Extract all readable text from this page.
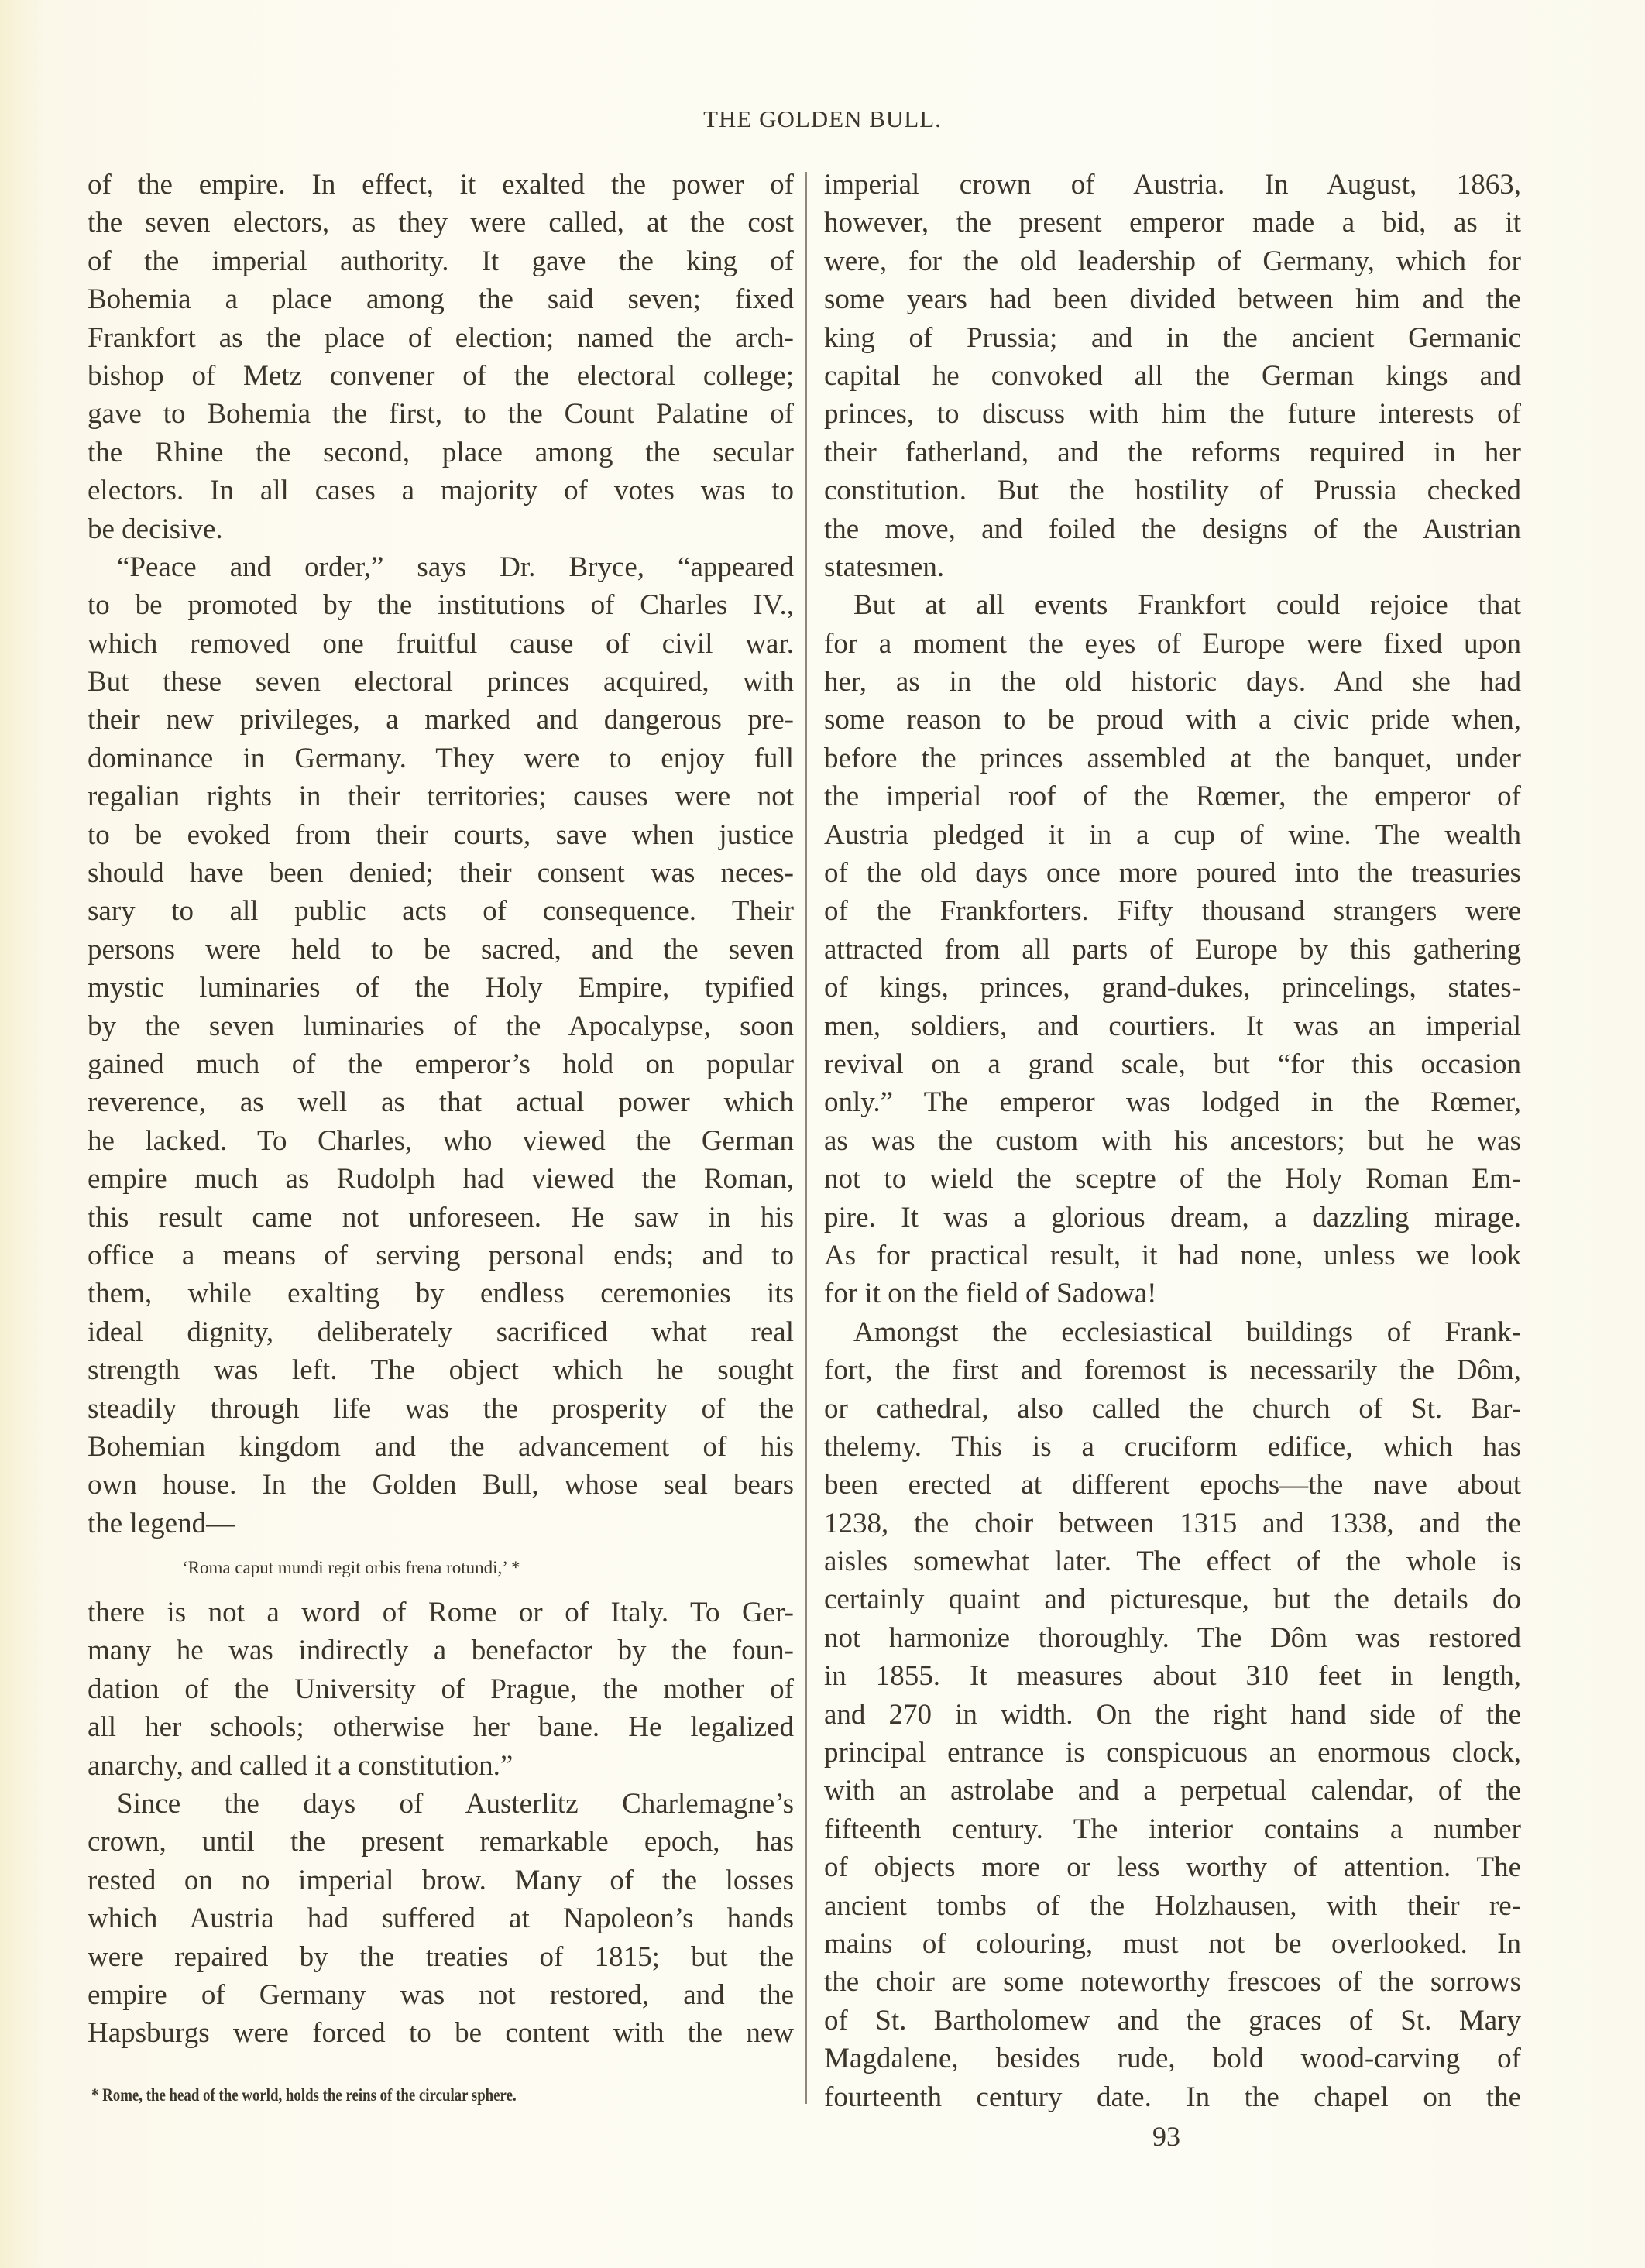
THE GOLDEN BULL.
of the empire. In effect, it exalted the power of
the seven electors, as they were called, at the cost
of the imperial authority. It gave the king of
Bohemia a place among the said seven; fixed
Frankfort as the place of election; named the arch-
bishop of Metz convener of the electoral college;
gave to Bohemia the first, to the Count Palatine of
the Rhine the second, place among the secular
electors. In all cases a majority of votes was to
be decisive.
“Peace and order,” says Dr. Bryce, “appeared
to be promoted by the institutions of Charles IV.,
which removed one fruitful cause of civil war.
But these seven electoral princes acquired, with
their new privileges, a marked and dangerous pre-
dominance in Germany. They were to enjoy full
regalian rights in their territories; causes were not
to be evoked from their courts, save when justice
should have been denied; their consent was neces-
sary to all public acts of consequence. Their
persons were held to be sacred, and the seven
mystic luminaries of the Holy Empire, typified
by the seven luminaries of the Apocalypse, soon
gained much of the emperor’s hold on popular
reverence, as well as that actual power which
he lacked. To Charles, who viewed the German
empire much as Rudolph had viewed the Roman,
this result came not unforeseen. He saw in his
office a means of serving personal ends; and to
them, while exalting by endless ceremonies its
ideal dignity, deliberately sacrificed what real
strength was left. The object which he sought
steadily through life was the prosperity of the
Bohemian kingdom and the advancement of his
own house. In the Golden Bull, whose seal bears
the legend—
‘Roma caput mundi regit orbis frena rotundi,’ *
there is not a word of Rome or of Italy. To Ger-
many he was indirectly a benefactor by the foun-
dation of the University of Prague, the mother of
all her schools; otherwise her bane. He legalized
anarchy, and called it a constitution.”
Since the days of Austerlitz Charlemagne’s
crown, until the present remarkable epoch, has
rested on no imperial brow. Many of the losses
which Austria had suffered at Napoleon’s hands
were repaired by the treaties of 1815; but the
empire of Germany was not restored, and the
Hapsburgs were forced to be content with the new
imperial crown of Austria. In August, 1863,
however, the present emperor made a bid, as it
were, for the old leadership of Germany, which for
some years had been divided between him and the
king of Prussia; and in the ancient Germanic
capital he convoked all the German kings and
princes, to discuss with him the future interests of
their fatherland, and the reforms required in her
constitution. But the hostility of Prussia checked
the move, and foiled the designs of the Austrian
statesmen.
But at all events Frankfort could rejoice that
for a moment the eyes of Europe were fixed upon
her, as in the old historic days. And she had
some reason to be proud with a civic pride when,
before the princes assembled at the banquet, under
the imperial roof of the Rœmer, the emperor of
Austria pledged it in a cup of wine. The wealth
of the old days once more poured into the treasuries
of the Frankforters. Fifty thousand strangers were
attracted from all parts of Europe by this gathering
of kings, princes, grand-dukes, princelings, states-
men, soldiers, and courtiers. It was an imperial
revival on a grand scale, but “for this occasion
only.” The emperor was lodged in the Rœmer,
as was the custom with his ancestors; but he was
not to wield the sceptre of the Holy Roman Em-
pire. It was a glorious dream, a dazzling mirage.
As for practical result, it had none, unless we look
for it on the field of Sadowa!
Amongst the ecclesiastical buildings of Frank-
fort, the first and foremost is necessarily the Dôm,
or cathedral, also called the church of St. Bar-
thelemy. This is a cruciform edifice, which has
been erected at different epochs—the nave about
1238, the choir between 1315 and 1338, and the
aisles somewhat later. The effect of the whole is
certainly quaint and picturesque, but the details do
not harmonize thoroughly. The Dôm was restored
in 1855. It measures about 310 feet in length,
and 270 in width. On the right hand side of the
principal entrance is conspicuous an enormous clock,
with an astrolabe and a perpetual calendar, of the
fifteenth century. The interior contains a number
of objects more or less worthy of attention. The
ancient tombs of the Holzhausen, with their re-
mains of colouring, must not be overlooked. In
the choir are some noteworthy frescoes of the sorrows
of St. Bartholomew and the graces of St. Mary
Magdalene, besides rude, bold wood-carving of
fourteenth century date. In the chapel on the
* Rome, the head of the world, holds the reins of the circular sphere.
93
